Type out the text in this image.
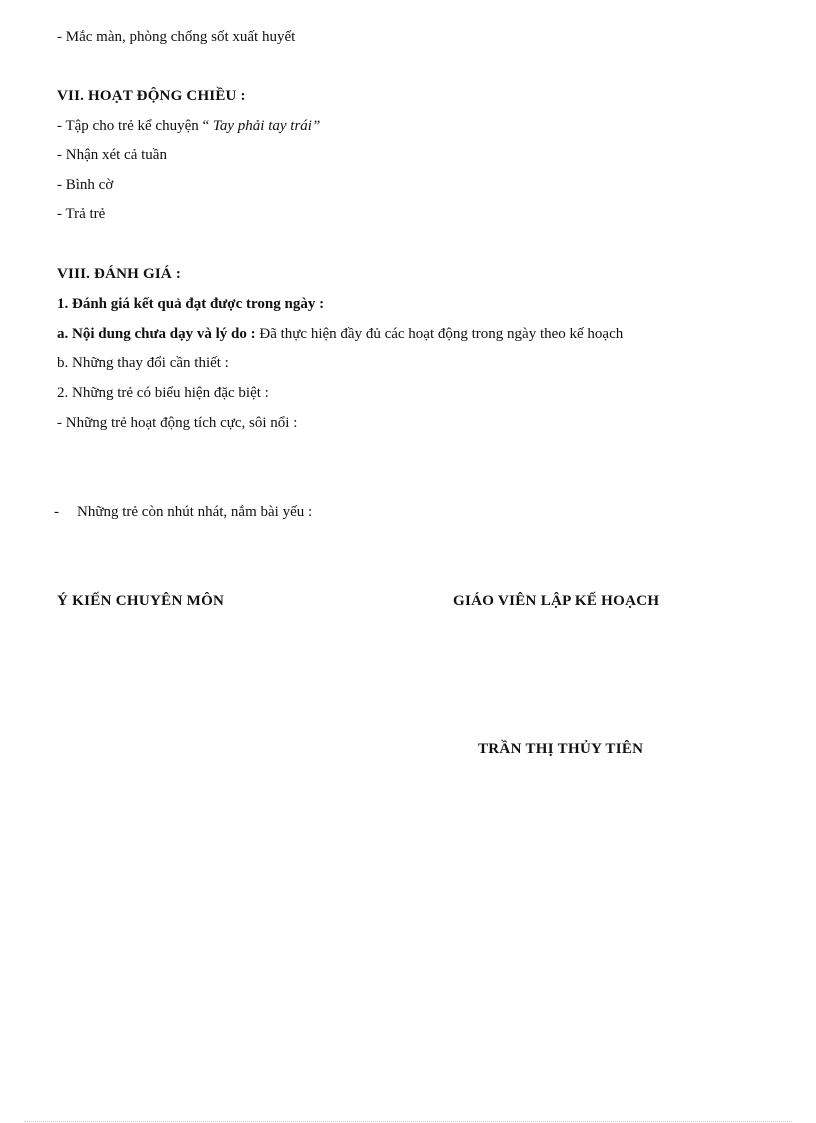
- Mắc màn, phòng chống sốt xuất huyết
VII. HOẠT ĐỘNG CHIỀU :
- Tập cho trẻ kể chuyện “ Tay phải tay trái”
- Nhận xét cả tuần
- Bình cờ
- Trả trẻ
VIII. ĐÁNH GIÁ :
1. Đánh giá kết quả đạt được trong ngày :
a. Nội dung chưa dạy và lý do : Đã thực hiện đầy đủ các hoạt động trong ngày theo kế hoạch
b. Những thay đổi cần thiết :
2. Những trẻ có biểu hiện đặc biệt :
- Những trẻ hoạt động tích cực, sôi nổi :
- Những trẻ còn nhút nhát, nắm bài yếu :
Ý KIẾN CHUYÊN MÔN	GIÁO VIÊN LẬP KẾ HOẠCH
TRẦN THỊ THỦY TIÊN
